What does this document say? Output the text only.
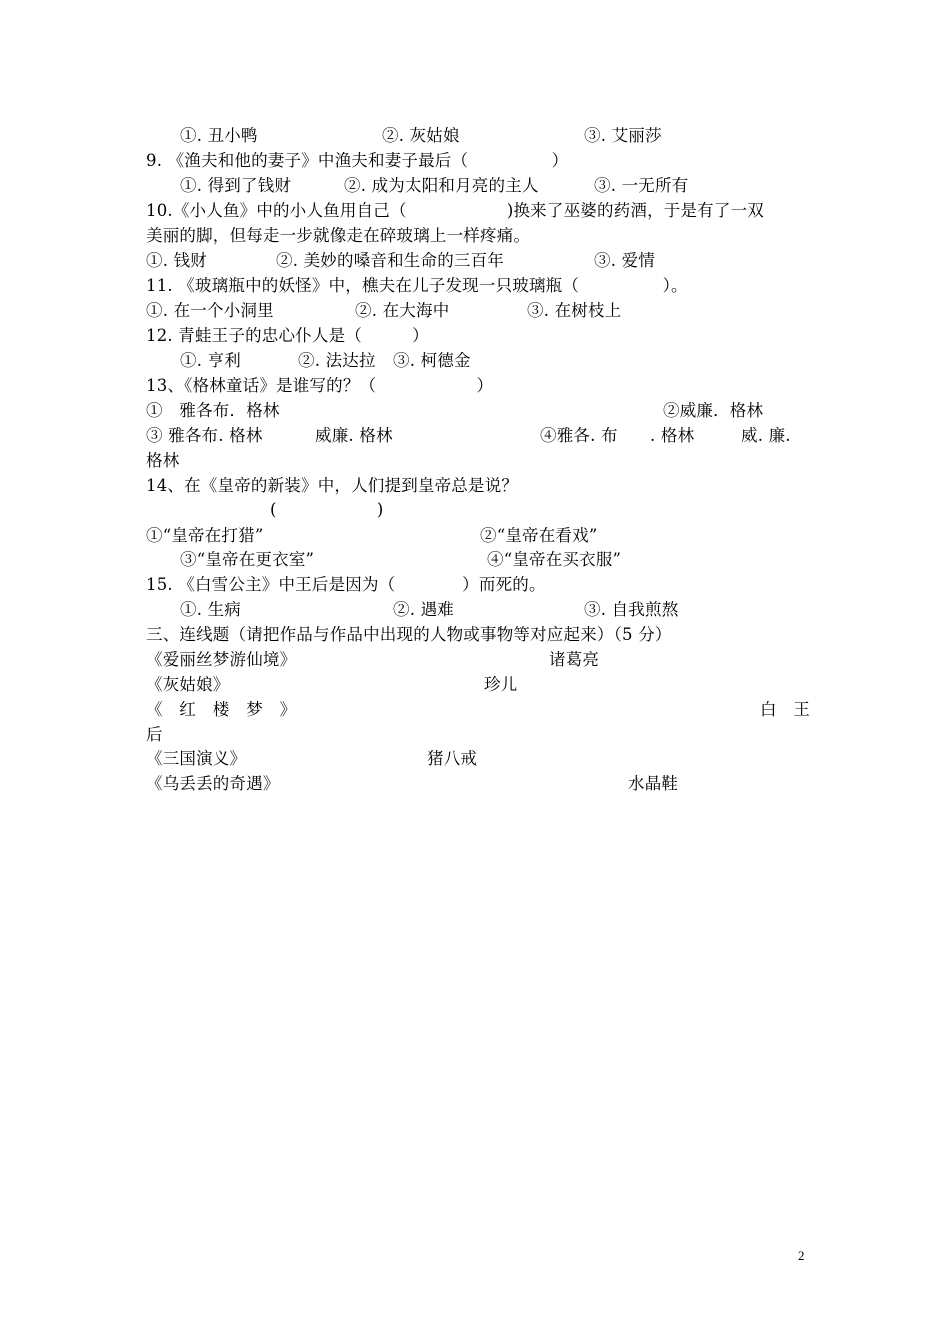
①. 丑小鸭	②. 灰姑娘	③. 艾丽莎
9. 《渔夫和他的妻子》中渔夫和妻子最后（　　　　　）
①. 得到了钱财	②. 成为太阳和月亮的主人	③. 一无所有
10.《小人鱼》中的小人鱼用自己（　　　　　　)换来了巫婆的药酒，于是有了一双
美丽的脚，但每走一步就像走在碎玻璃上一样疼痛。
①. 钱财	②. 美妙的嗓音和生命的三百年	③. 爱情
11. 《玻璃瓶中的妖怪》中，樵夫在儿子发现一只玻璃瓶（　　　　　）。
①. 在一个小洞里	②. 在大海中	③. 在树枝上
12. 青蛙王子的忠心仆人是（　　　）
①. 亨利	②. 法达拉 ③. 柯德金
13、《格林童话》是谁写的？（　　　　　　）
①　雅各布．格林	②威廉．格林
③ 雅各布. 格林	威廉. 格林	④雅各. 布 . 格林	威. 廉.
格林
14、在《皇帝的新装》中，人们提到皇帝总是说？
(　　　　　　)
①“皇帝在打猎”	②“皇帝在看戏”
③“皇帝在更衣室”	④“皇帝在买衣服”
15. 《白雪公主》中王后是因为（　　　　）而死的。
①. 生病	②. 遇难	③. 自我煎熬
三、连线题（请把作品与作品中出现的人物或事物等对应起来）（5 分）
《爱丽丝梦游仙境》	诸葛亮
《灰姑娘》	珍儿
《　红　楼　梦　》	白　王
后
《三国演义》	猪八戒
《乌丢丢的奇遇》	水晶鞋
2
